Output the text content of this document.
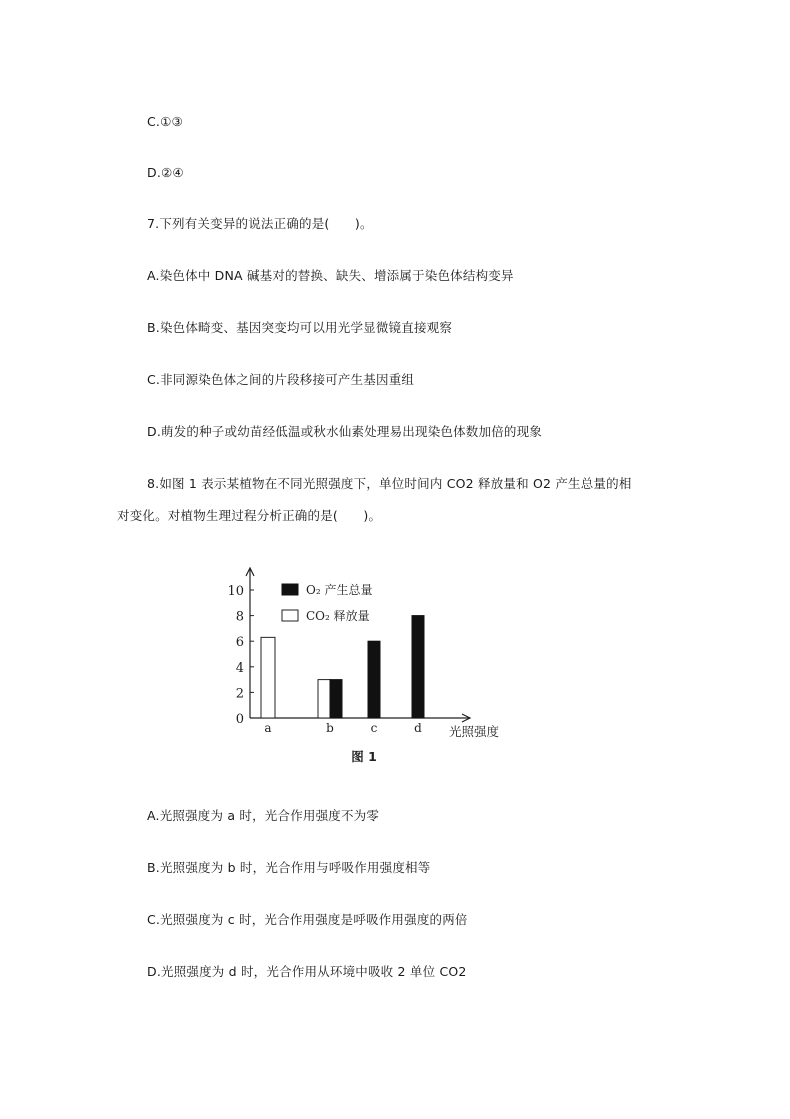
C.①③
D.②④
7.下列有关变异的说法正确的是(　　)。
A.染色体中 DNA 碱基对的替换、缺失、增添属于染色体结构变异
B.染色体畸变、基因突变均可以用光学显微镜直接观察
C.非同源染色体之间的片段移接可产生基因重组
D.萌发的种子或幼苗经低温或秋水仙素处理易出现染色体数加倍的现象
8.如图 1 表示某植物在不同光照强度下，单位时间内 CO2 释放量和 O2 产生总量的相
对变化。对植物生理过程分析正确的是(　　)。
0
2
4
6
8
10
a	b	c	d 光照强度
O₂ 产生总量
CO₂ 释放量
图 1
A.光照强度为 a 时，光合作用强度不为零
B.光照强度为 b 时，光合作用与呼吸作用强度相等
C.光照强度为 c 时，光合作用强度是呼吸作用强度的两倍
D.光照强度为 d 时，光合作用从环境中吸收 2 单位 CO2
